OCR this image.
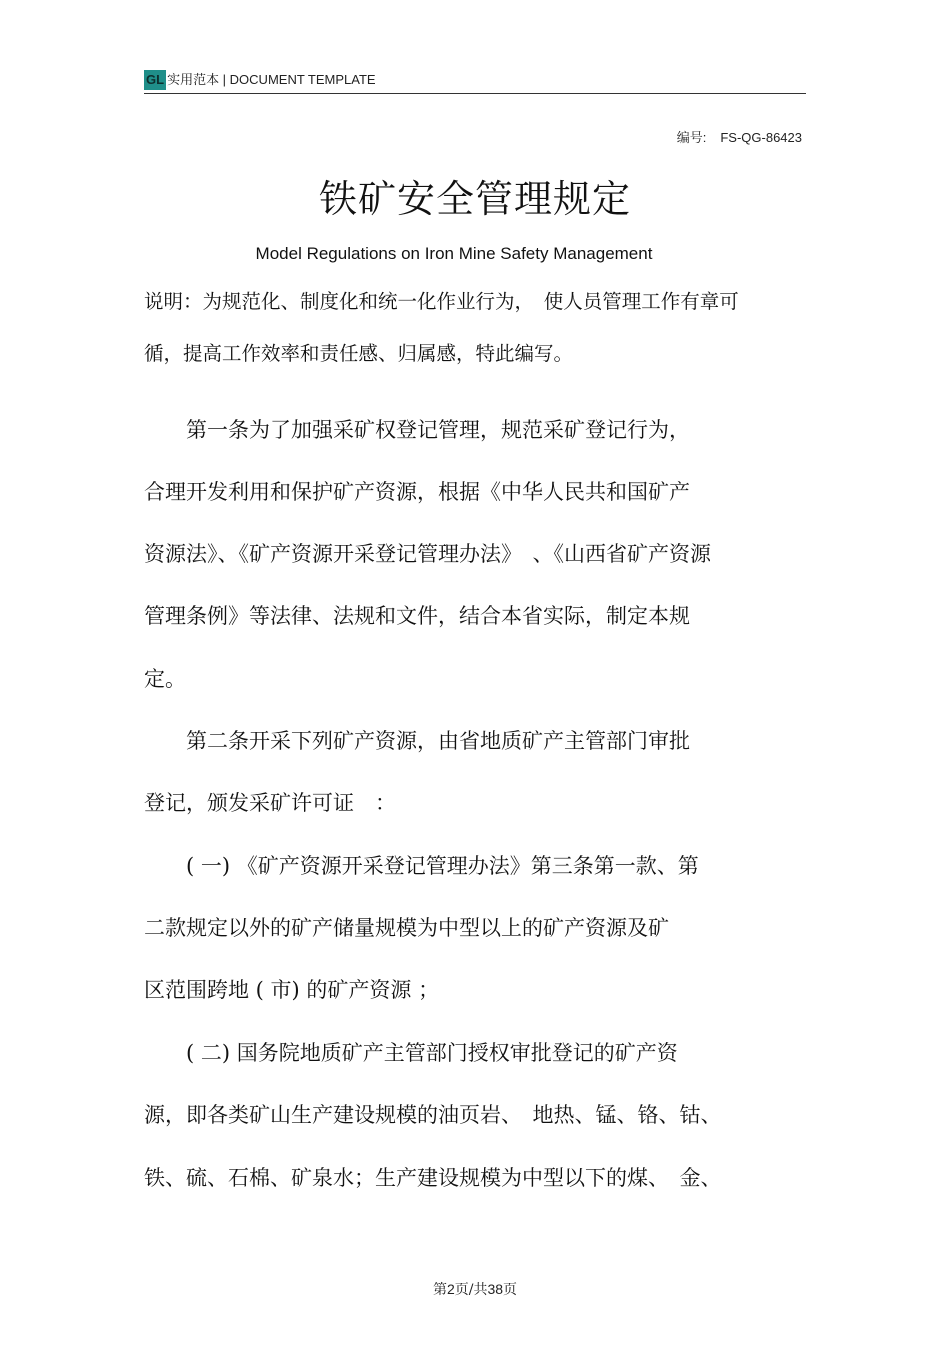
GL 实用范本 | DOCUMENT TEMPLATE
编号: FS-QG-86423
铁矿安全管理规定
Model Regulations on Iron Mine Safety Management
说明：为规范化、制度化和统一化作业行为，　使人员管理工作有章可
循，提高工作效率和责任感、归属感，特此编写。
　　第一条为了加强采矿权登记管理，规范采矿登记行为，
合理开发利用和保护矿产资源，根据《中华人民共和国矿产
资源法》、《矿产资源开采登记管理办法》　、《山西省矿产资源
管理条例》等法律、法规和文件，结合本省实际，制定本规
定。
　　第二条开采下列矿产资源，由省地质矿产主管部门审批
登记，颁发采矿许可证　：
　　( 一) 《矿产资源开采登记管理办法》第三条第一款、第
二款规定以外的矿产储量规模为中型以上的矿产资源及矿
区范围跨地 ( 市) 的矿产资源 ；
　　( 二) 国务院地质矿产主管部门授权审批登记的矿产资
源，即各类矿山生产建设规模的油页岩、　地热、锰、铬、钴、
铁、硫、石棉、矿泉水；生产建设规模为中型以下的煤、　金、
第2页/共38页
